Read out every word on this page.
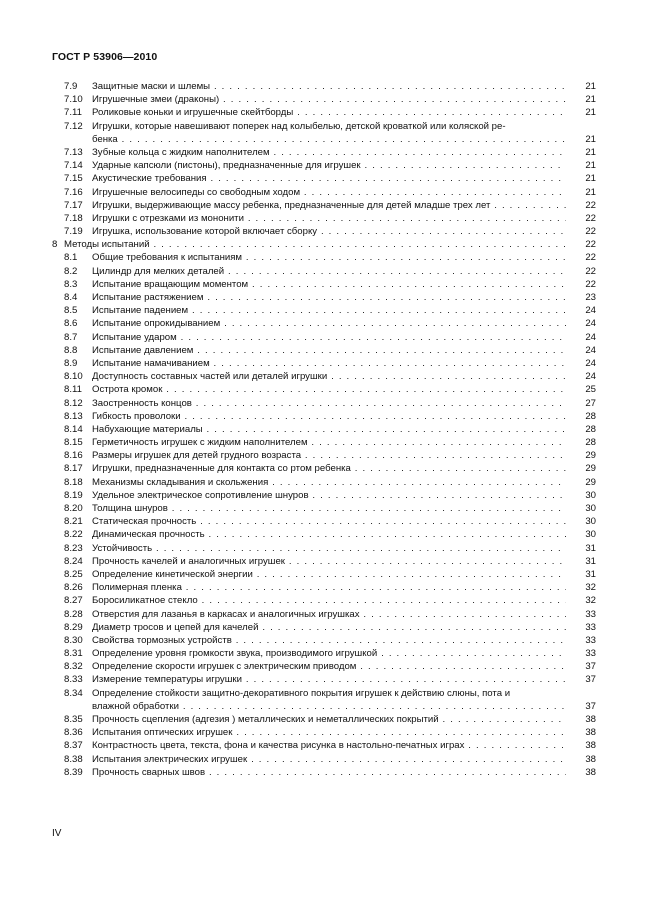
ГОСТ Р 53906—2010
7.9 Защитные маски и шлемы . . .	21
7.10 Игрушечные змеи (драконы) . . .	21
7.11 Роликовые коньки и игрушечные скейтборды . . .	21
7.12 Игрушки, которые навешивают поперек над колыбелью, детской кроваткой или коляской ре-
бенка . . .	21
7.13 Зубные кольца с жидким наполнителем . . .	21
7.14 Ударные капсюли (пистоны), предназначенные для игрушек . . .	21
7.15 Акустические требования . . .	21
7.16 Игрушечные велосипеды со свободным ходом . . .	21
7.17 Игрушки, выдерживающие массу ребенка, предназначенные для детей младше трех лет . . .	22
7.18 Игрушки с отрезками из мононити . . .	22
7.19 Игрушка, использование которой включает сборку . . .	22
8 Методы испытаний . . .	22
8.1 Общие требования к испытаниям . . .	22
8.2 Цилиндр для мелких деталей . . .	22
8.3 Испытание вращающим моментом . . .	22
8.4 Испытание растяжением . . .	23
8.5 Испытание падением . . .	24
8.6 Испытание опрокидыванием . . .	24
8.7 Испытание ударом . . .	24
8.8 Испытание давлением . . .	24
8.9 Испытание намачиванием . . .	24
8.10 Доступность составных частей или деталей игрушки . . .	24
8.11 Острота кромок . . .	25
8.12 Заостренность концов . . .	27
8.13 Гибкость проволоки . . .	28
8.14 Набухающие материалы . . .	28
8.15 Герметичность игрушек с жидким наполнителем . . .	28
8.16 Размеры игрушек для детей грудного возраста . . .	29
8.17 Игрушки, предназначенные для контакта со ртом ребенка . . .	29
8.18 Механизмы складывания и скольжения . . .	29
8.19 Удельное электрическое сопротивление шнуров . . .	30
8.20 Толщина шнуров . . .	30
8.21 Статическая прочность . . .	30
8.22 Динамическая прочность . . .	30
8.23 Устойчивость . . .	31
8.24 Прочность качелей и аналогичных игрушек . . .	31
8.25 Определение кинетической энергии . . .	31
8.26 Полимерная пленка . . .	32
8.27 Боросиликатное стекло . . .	32
8.28 Отверстия для лазанья в каркасах и аналогичных игрушках . . .	33
8.29 Диаметр тросов и цепей для качелей . . .	33
8.30 Свойства тормозных устройств . . .	33
8.31 Определение уровня громкости звука, производимого игрушкой . . .	33
8.32 Определение скорости игрушек с электрическим приводом . . .	37
8.33 Измерение температуры игрушки . . .	37
8.34 Определение стойкости защитно-декоративного покрытия игрушек к действию слюны, пота и
влажной обработки . . .	37
8.35 Прочность сцепления (адгезия ) металлических и неметаллических покрытий . . .	38
8.36 Испытания оптических игрушек . . .	38
8.37 Контрастность цвета, текста, фона и качества рисунка в настольно-печатных играх . . .	38
8.38 Испытания электрических игрушек . . .	38
8.39 Прочность сварных швов . . .	38
IV
